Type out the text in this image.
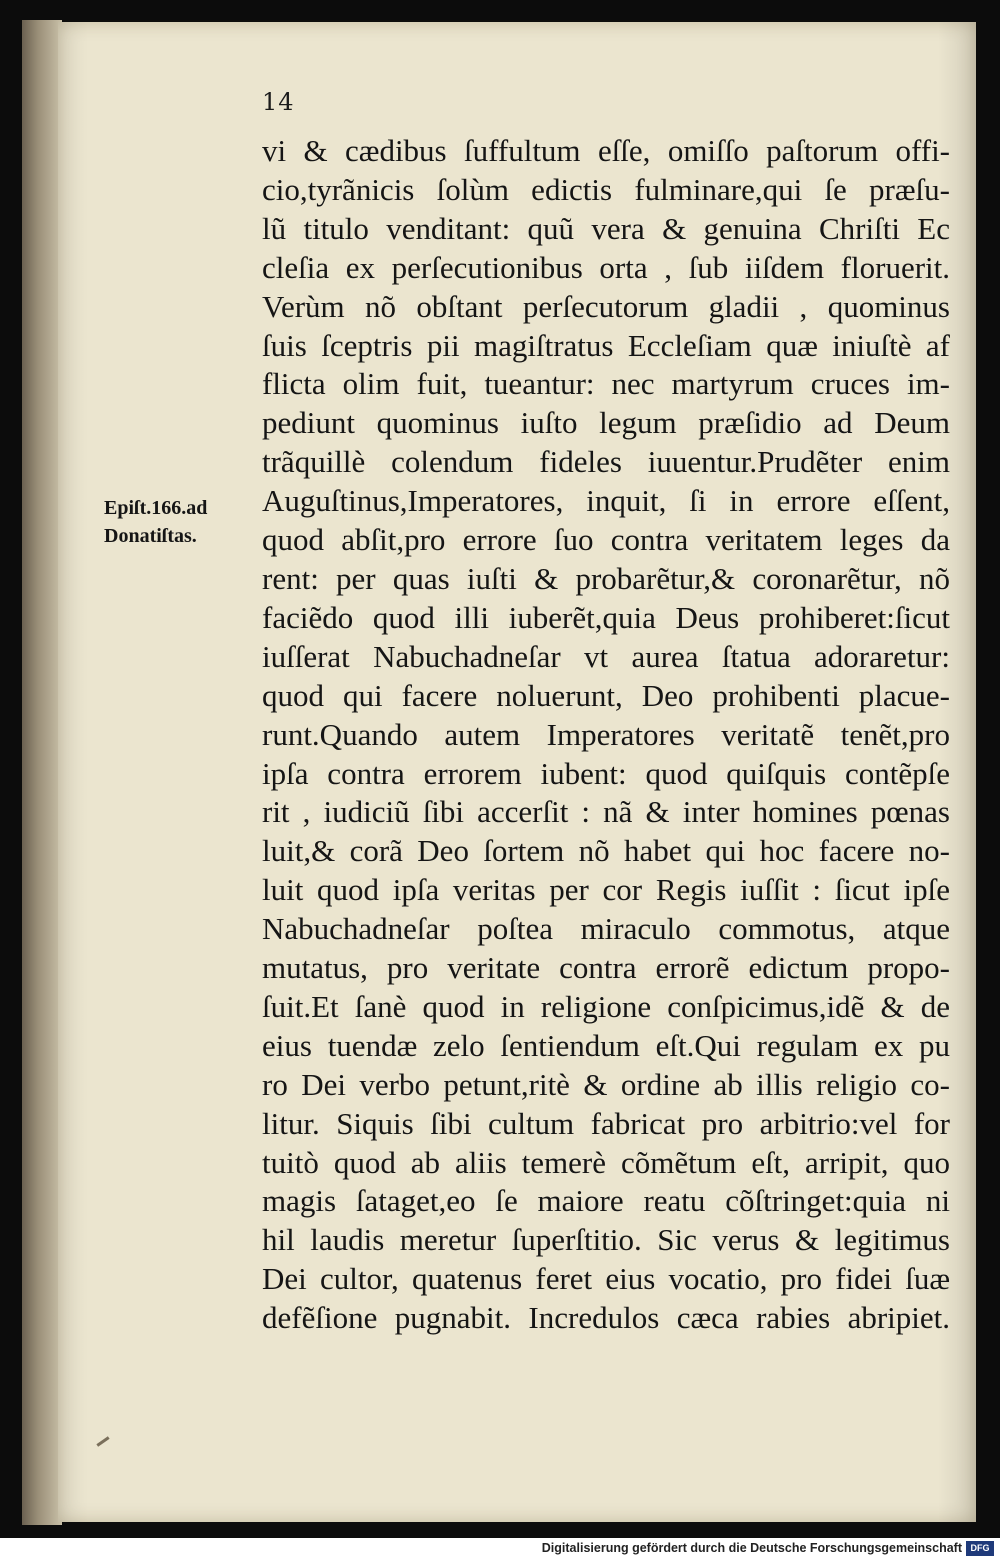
14
Epiſt.166.ad
Donatiſtas.
vi & cædibus ſuffultum eſſe, omiſſo paſtorum offi-
cio,tyrãnicis ſolùm edictis fulminare,qui ſe præſu-
lũ titulo venditant: quũ vera & genuina Chriſti Ec
cleſia ex perſecutionibus orta , ſub iiſdem floruerit.
Verùm nõ obſtant perſecutorum gladii , quominus
ſuis ſceptris pii magiſtratus Eccleſiam quæ iniuſtè af
flicta olim fuit, tueantur: nec martyrum cruces im-
pediunt quominus iuſto legum præſidio ad Deum
trãquillè colendum fideles iuuentur.Prudẽter enim
Auguſtinus,Imperatores, inquit, ſi in errore eſſent,
quod abſit,pro errore ſuo contra veritatem leges da
rent: per quas iuſti & probarẽtur,& coronarẽtur, nõ
faciẽdo quod illi iuberẽt,quia Deus prohiberet:ſicut
iuſſerat Nabuchadneſar vt aurea ſtatua adoraretur:
quod qui facere noluerunt, Deo prohibenti placue-
runt.Quando autem Imperatores veritatẽ tenẽt,pro
ipſa contra errorem iubent: quod quiſquis contẽpſe
rit , iudiciũ ſibi accerſit : nã & inter homines pœnas
luit,& corã Deo ſortem nõ habet qui hoc facere no-
luit quod ipſa veritas per cor Regis iuſſit : ſicut ipſe
Nabuchadneſar poſtea miraculo commotus, atque
mutatus, pro veritate contra errorẽ edictum propo-
ſuit.Et ſanè quod in religione conſpicimus,idẽ & de
eius tuendæ zelo ſentiendum eſt.Qui regulam ex pu
ro Dei verbo petunt,ritè & ordine ab illis religio co-
litur. Siquis ſibi cultum fabricat pro arbitrio:vel for
tuitò quod ab aliis temerè cõmẽtum eſt, arripit, quo
magis ſataget,eo ſe maiore reatu cõſtringet:quia ni
hil laudis meretur ſuperſtitio. Sic verus & legitimus
Dei cultor, quatenus feret eius vocatio, pro fidei ſuæ
defẽſione pugnabit. Incredulos cæca rabies abripiet.
Digitalisierung gefördert durch die Deutsche Forschungsgemeinschaft DFG
